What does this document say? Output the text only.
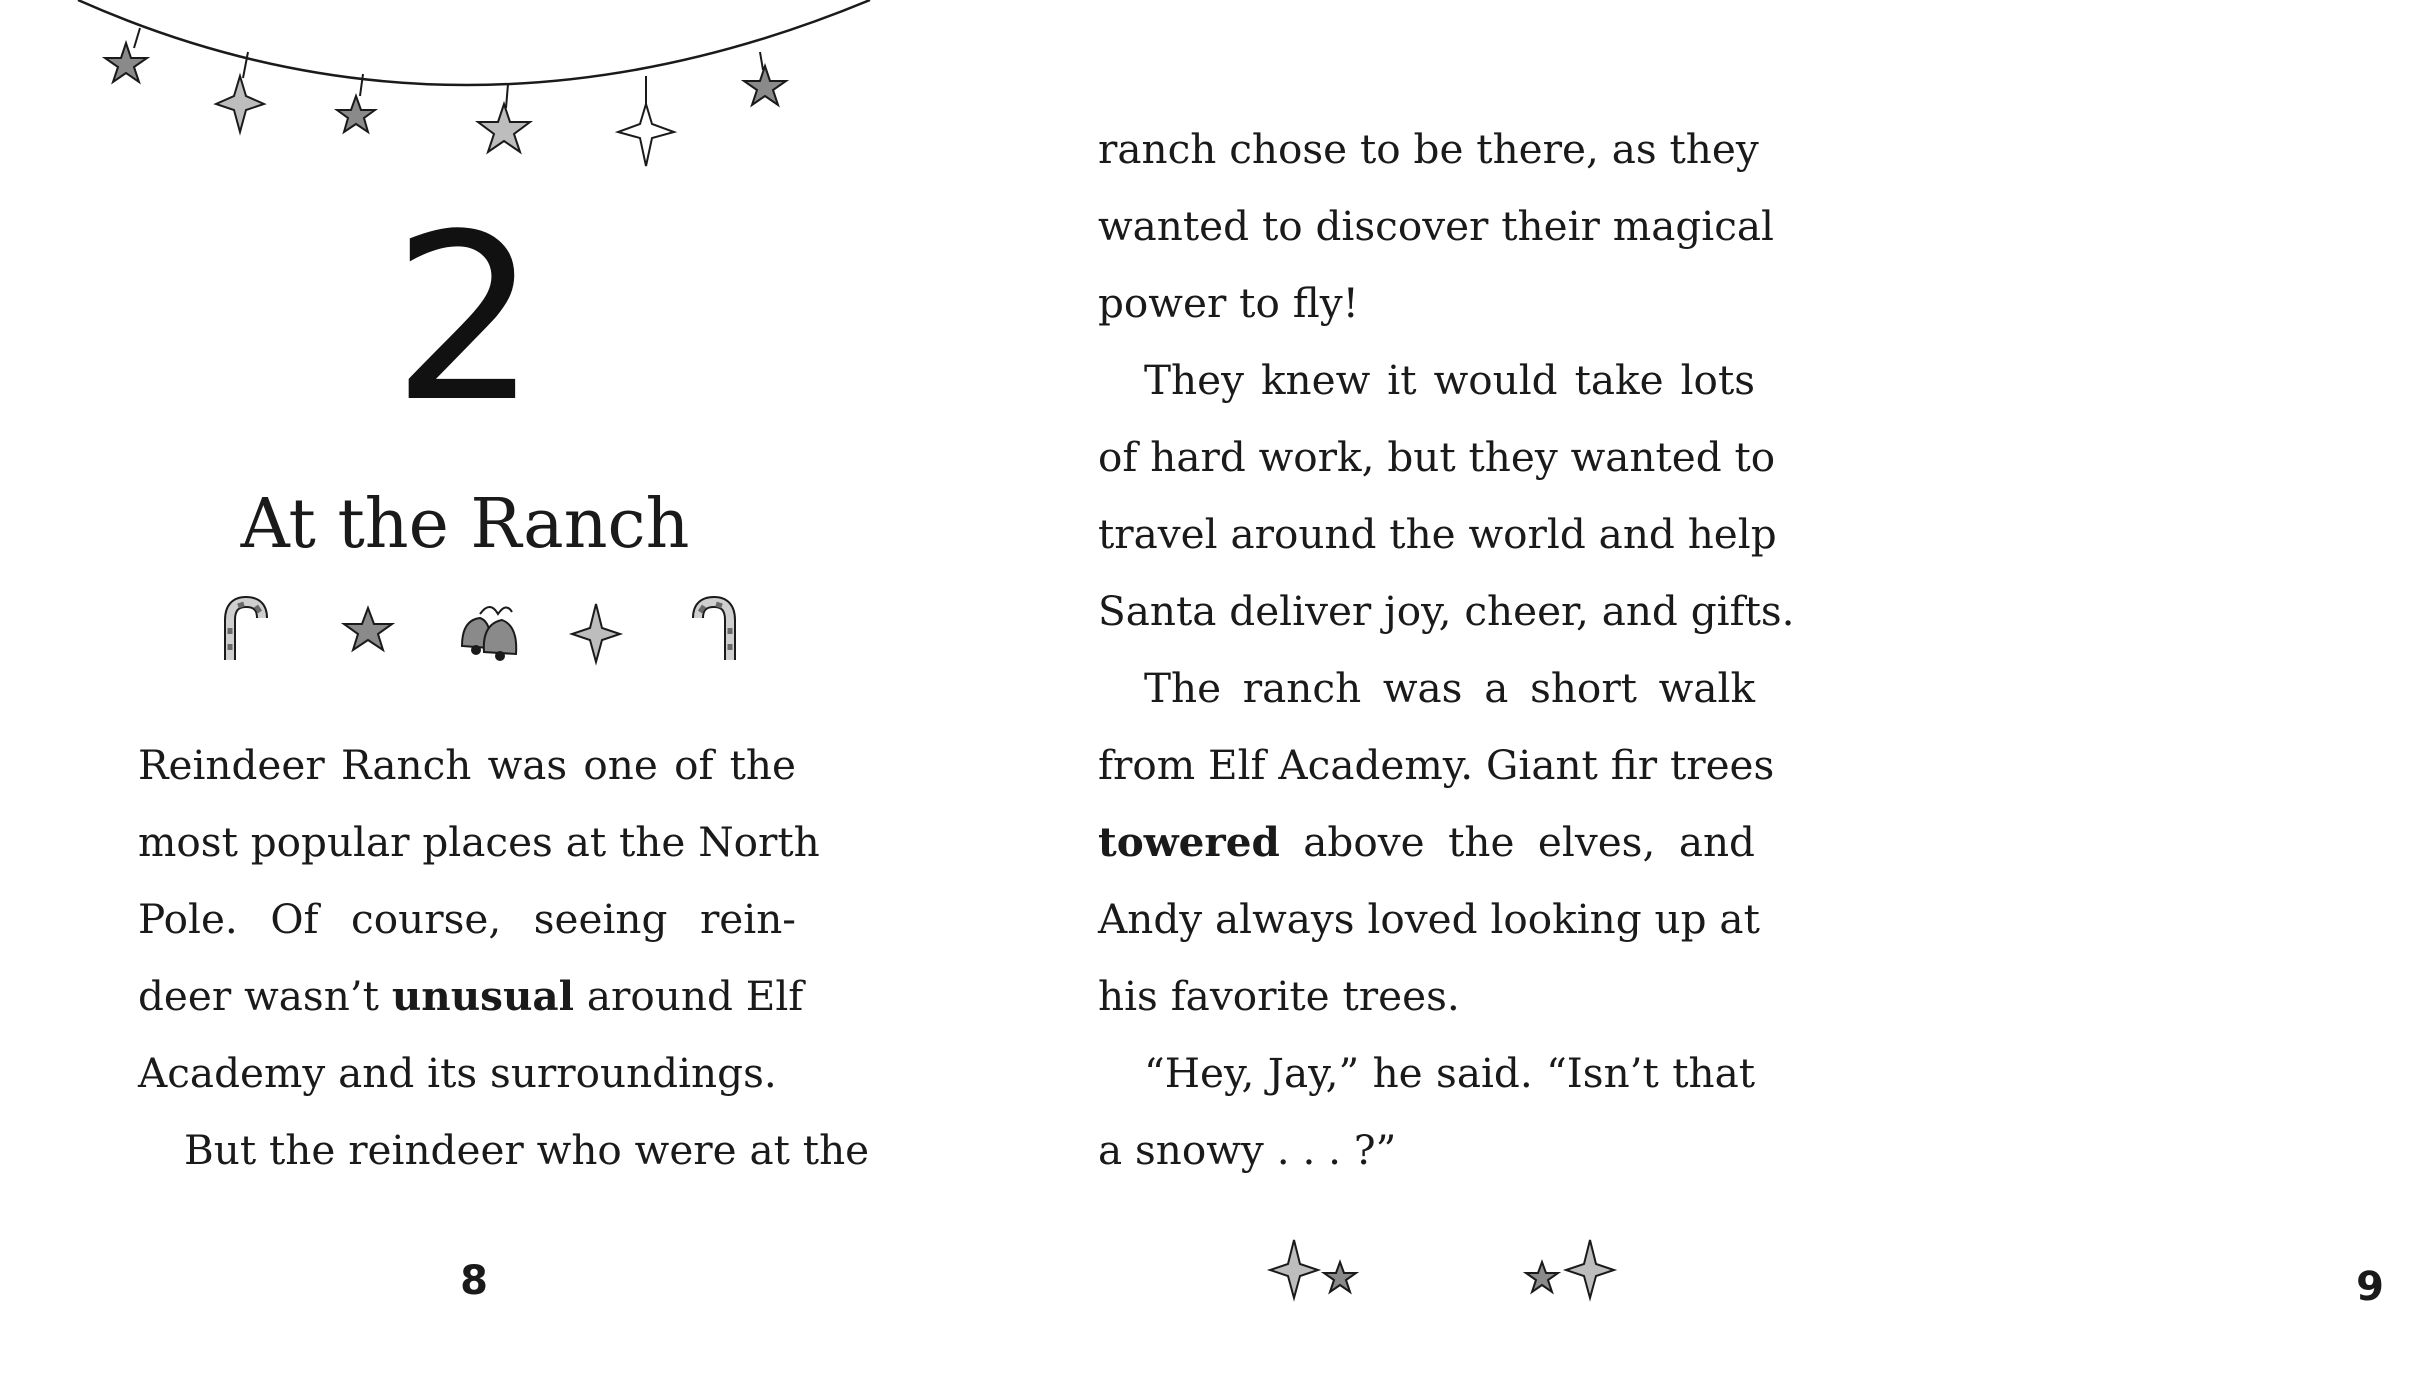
2
At the Ranch
Reindeer Ranch was one of the
most popular places at the North
Pole. Of course, seeing rein-
deer wasn’t unusual around Elf
Academy and its surroundings.
But the reindeer who were at the
8	9
ranch chose to be there, as they
wanted to discover their magical
power to fly!
They knew it would take lots
of hard work, but they wanted to
travel around the world and help
Santa deliver joy, cheer, and gifts.
The ranch was a short walk
from Elf Academy. Giant fir trees
towered above the elves, and
Andy always loved looking up at
his favorite trees.
“Hey, Jay,” he said. “Isn’t that
a snowy . . . ?”
